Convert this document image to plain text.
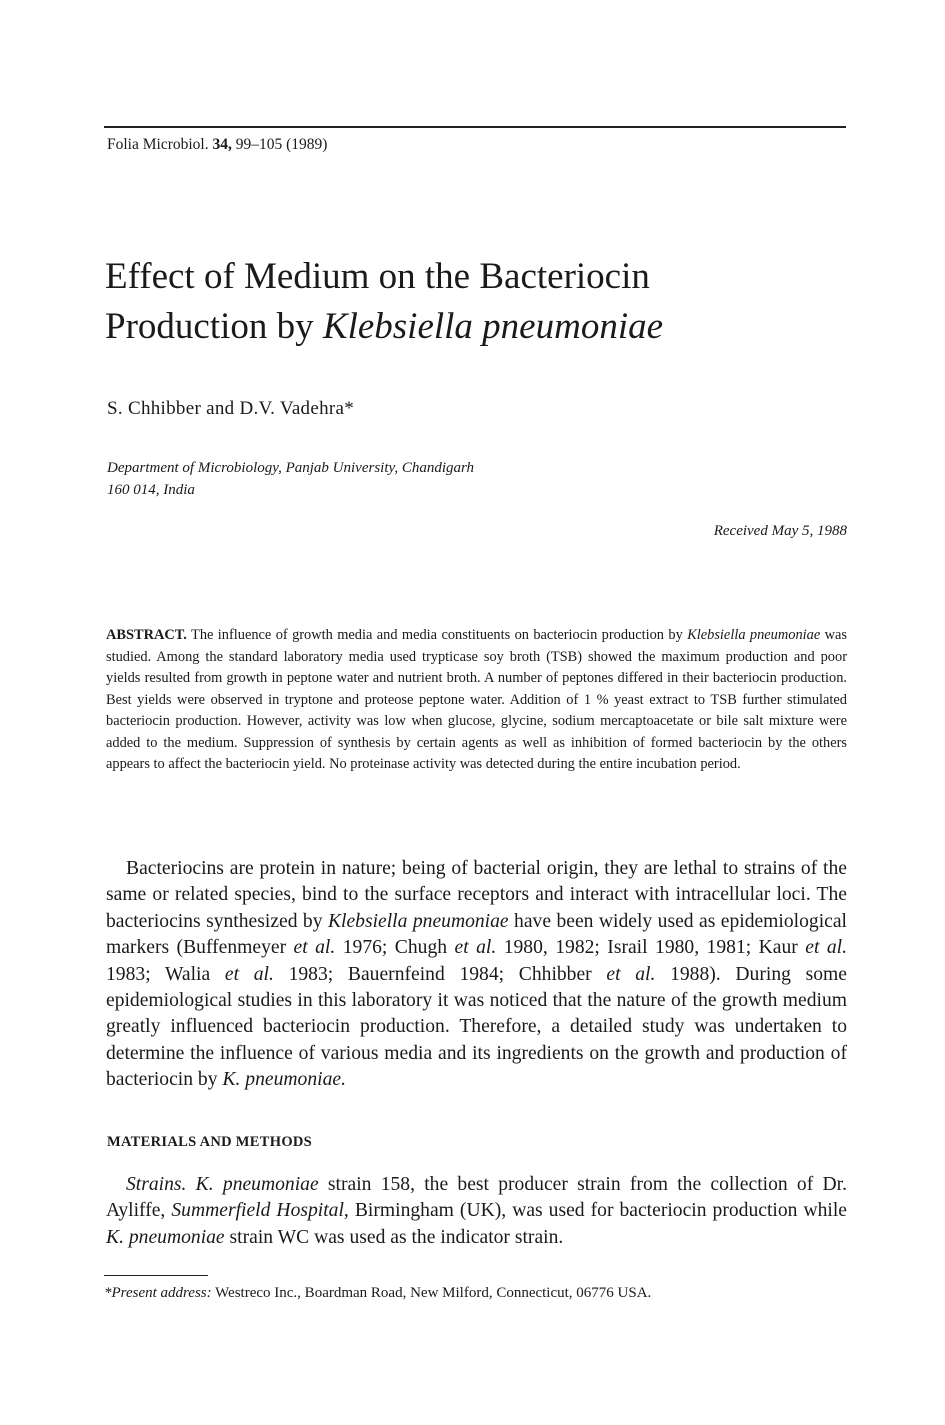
Folia Microbiol. 34, 99–105 (1989)
Effect of Medium on the Bacteriocin
Production by Klebsiella pneumoniae
S. Chhibber and D.V. Vadehra*
Department of Microbiology, Panjab University, Chandigarh
160 014, India
Received May 5, 1988

ABSTRACT. The influence of growth media and media constituents on bacteriocin production by Klebsiella pneumoniae was studied. Among the standard laboratory media used trypticase soy broth (TSB) showed the maximum production and poor yields resulted from growth in peptone water and nutrient broth. A number of peptones differed in their bacteriocin production. Best yields were observed in tryptone and proteose peptone water. Addition of 1 % yeast extract to TSB further stimulated bacteriocin production. However, activity was low when glucose, glycine, sodium mercaptoacetate or bile salt mixture were added to the medium. Suppression of synthesis by certain agents as well as inhibition of formed bacteriocin by the others appears to affect the bacteriocin yield. No proteinase activity was detected during the entire incubation period.

Bacteriocins are protein in nature; being of bacterial origin, they are lethal to strains of the same or related species, bind to the surface receptors and interact with intracellular loci. The bacteriocins synthesized by Klebsiella pneumoniae have been widely used as epidemiological markers (Buffenmeyer et al. 1976; Chugh et al. 1980, 1982; Israil 1980, 1981; Kaur et al. 1983; Walia et al. 1983; Bauernfeind 1984; Chhibber et al. 1988). During some epidemiological studies in this laboratory it was noticed that the nature of the growth medium greatly influenced bacteriocin production. Therefore, a detailed study was undertaken to determine the influence of various media and its ingredients on the growth and production of bacteriocin by K. pneumoniae.

MATERIALS AND METHODS

Strains. K. pneumoniae strain 158, the best producer strain from the collection of Dr. Ayliffe, Summerfield Hospital, Birmingham (UK), was used for bacteriocin production while K. pneumoniae strain WC was used as the indicator strain.

*Present address: Westreco Inc., Boardman Road, New Milford, Connecticut, 06776 USA.
